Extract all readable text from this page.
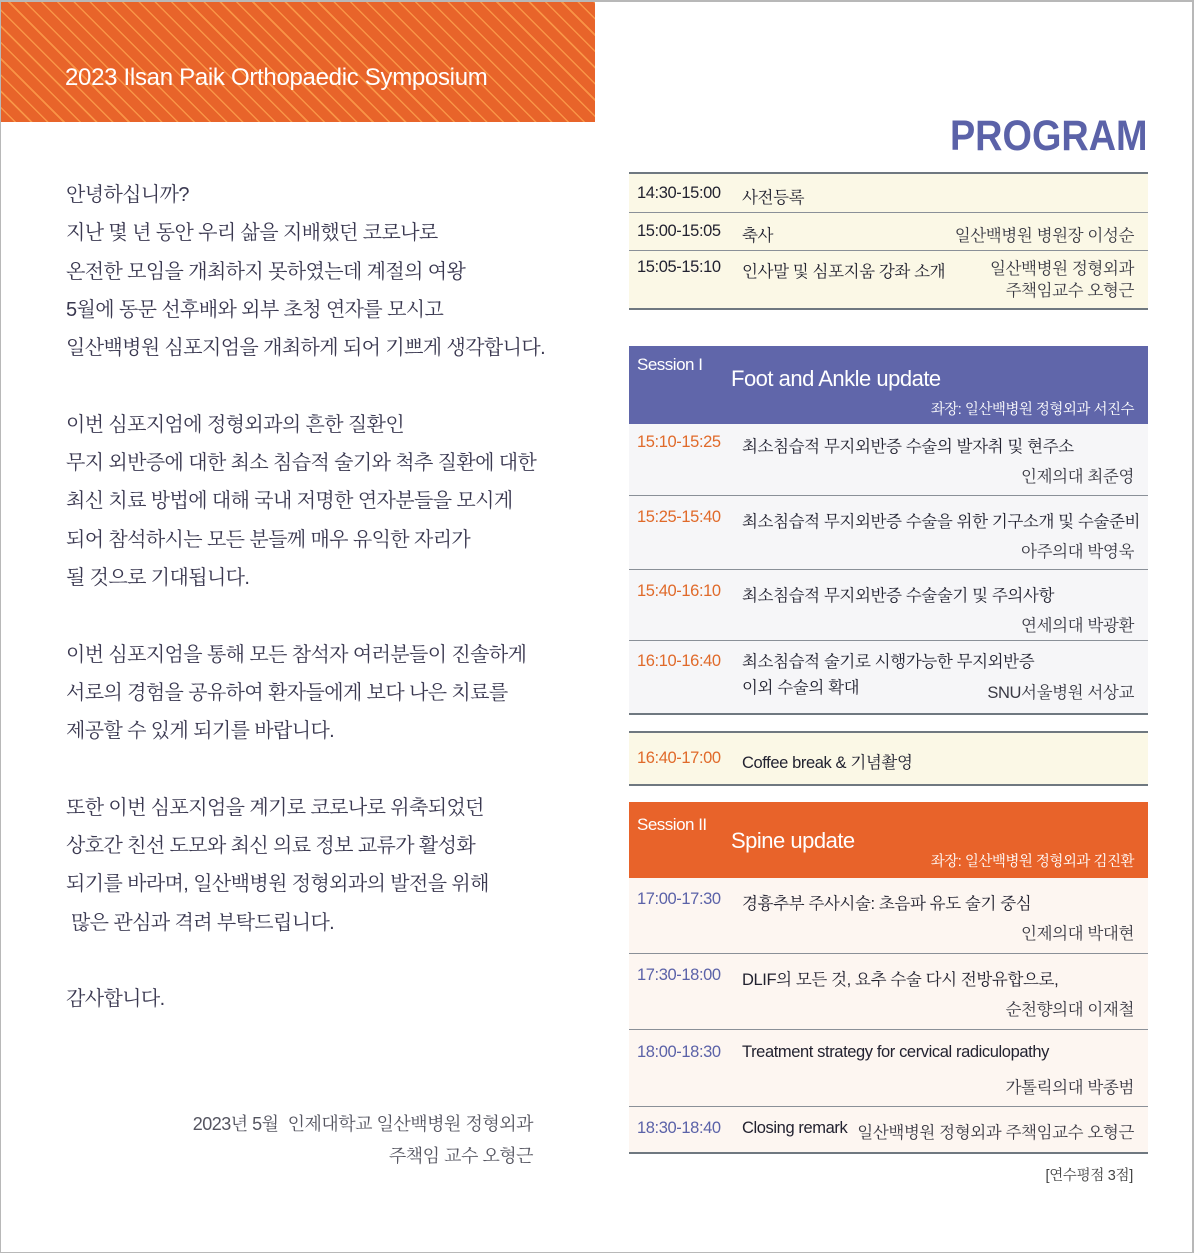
2023 Ilsan Paik Orthopaedic Symposium

안녕하십니까?

지난 몇 년 동안 우리 삶을 지배했던 코로나로

온전한 모임을 개최하지 못하였는데 계절의 여왕

5월에 동문 선후배와 외부 초청 연자를 모시고

일산백병원 심포지엄을 개최하게 되어 기쁘게 생각합니다.

이번 심포지엄에 정형외과의 흔한 질환인

무지 외반증에 대한 최소 침습적 술기와 척추 질환에 대한

최신 치료 방법에 대해 국내 저명한 연자분들을 모시게

되어 참석하시는 모든 분들께 매우 유익한 자리가

될 것으로 기대됩니다.

이번 심포지엄을 통해 모든 참석자 여러분들이 진솔하게

서로의 경험을 공유하여 환자들에게 보다 나은 치료를

제공할 수 있게 되기를 바랍니다.

또한 이번 심포지엄을 계기로 코로나로 위축되었던

상호간 친선 도모와 최신 의료 정보 교류가 활성화

되기를 바라며, 일산백병원 정형외과의 발전을 위해

많은 관심과 격려 부탁드립니다.

감사합니다.

2023년 5월  인제대학교 일산백병원 정형외과
주책임 교수 오형근
PROGRAM
14:30-15:00	사전등록
15:00-15:05	축사	일산백병원 병원장 이성순
15:05-15:10	인사말 및 심포지움 강좌 소개	일산백병원 정형외과
주책임교수 오형근
Session I
Foot and Ankle update
좌장: 일산백병원 정형외과 서진수
15:10-15:25	최소침습적 무지외반증 수술의 발자취 및 현주소
인제의대 최준영
15:25-15:40	최소침습적 무지외반증 수술을 위한 기구소개 및 수술준비
아주의대 박영욱
15:40-16:10	최소침습적 무지외반증 수술술기 및 주의사항
연세의대 박광환
16:10-16:40	최소침습적 술기로 시행가능한 무지외반증
이외 수술의 확대	SNU서울병원 서상교
16:40-17:00	Coffee break & 기념촬영
Session II
Spine update
좌장: 일산백병원 정형외과 김진환
17:00-17:30	경흉추부 주사시술: 초음파 유도 술기 중심
인제의대 박대현
17:30-18:00	DLIF의 모든 것, 요추 수술 다시 전방유합으로,
순천향의대 이재철
18:00-18:30	Treatment strategy for cervical radiculopathy
가톨릭의대 박종범
18:30-18:40	Closing remark 일산백병원 정형외과 주책임교수 오형근
[연수평점 3점]
